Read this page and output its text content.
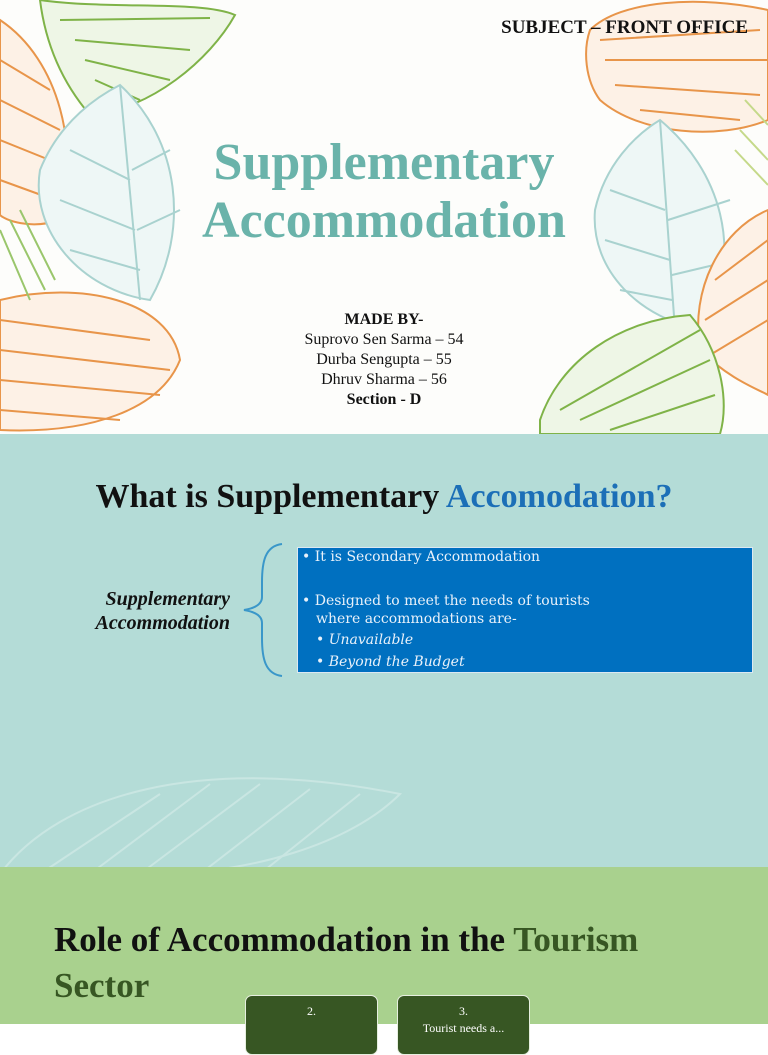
SUBJECT – FRONT OFFICE
Supplementary
Accommodation
MADE BY-
Suprovo Sen Sarma – 54
Durba Sengupta – 55
Dhruv Sharma – 56
Section - D
What is Supplementary Accomodation?
Supplementary
Accommodation
• It is Secondary Accommodation
• Designed to meet the needs of tourists
where accommodations are-
• Unavailable
• Beyond the Budget
Role of Accommodation in the Tourism
Sector
2.	3.
Tourist needs a...
